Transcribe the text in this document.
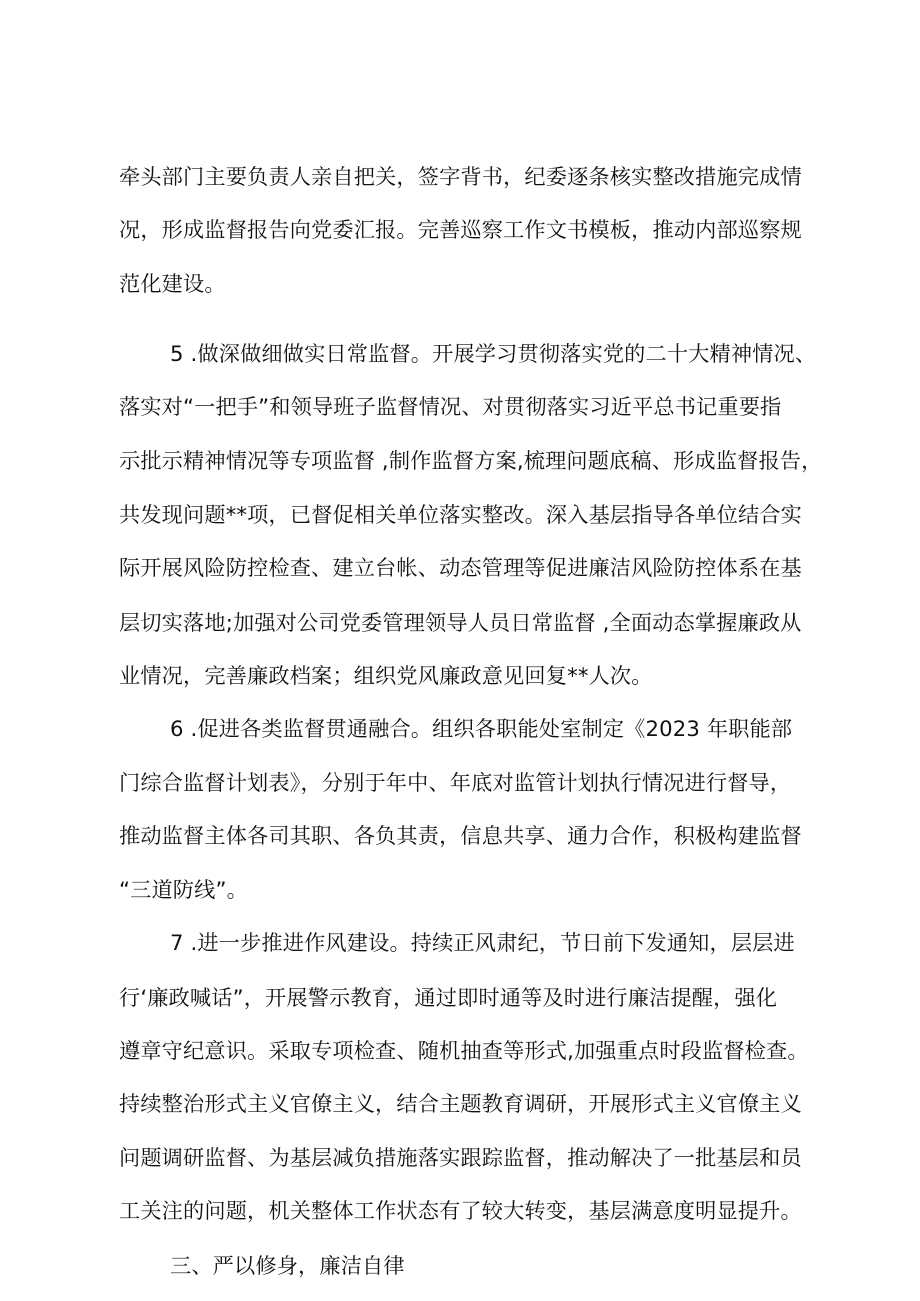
牵头部门主要负责人亲自把关，签字背书，纪委逐条核实整改措施完成情
况，形成监督报告向党委汇报。完善巡察工作文书模板，推动内部巡察规
范化建设。
5 .做深做细做实日常监督。开展学习贯彻落实党的二十大精神情况、
落实对“一把手”和领导班子监督情况、对贯彻落实习近平总书记重要指
示批示精神情况等专项监督 ,制作监督方案,梳理问题底稿、形成监督报告，
共发现问题**项，已督促相关单位落实整改。深入基层指导各单位结合实
际开展风险防控检查、建立台帐、动态管理等促进廉洁风险防控体系在基
层切实落地;加强对公司党委管理领导人员日常监督 ,全面动态掌握廉政从
业情况，完善廉政档案；组织党风廉政意见回复**人次。
6 .促进各类监督贯通融合。组织各职能处室制定《2023 年职能部
门综合监督计划表》，分别于年中、年底对监管计划执行情况进行督导，
推动监督主体各司其职、各负其责，信息共享、通力合作，积极构建监督
“三道防线”。
7 .进一步推进作风建设。持续正风肃纪，节日前下发通知，层层进
行‘廉政喊话”，开展警示教育，通过即时通等及时进行廉洁提醒，强化
遵章守纪意识。采取专项检查、随机抽查等形式,加强重点时段监督检查。
持续整治形式主义官僚主义，结合主题教育调研，开展形式主义官僚主义
问题调研监督、为基层减负措施落实跟踪监督，推动解决了一批基层和员
工关注的问题，机关整体工作状态有了较大转变，基层满意度明显提升。
三、严以修身，廉洁自律
